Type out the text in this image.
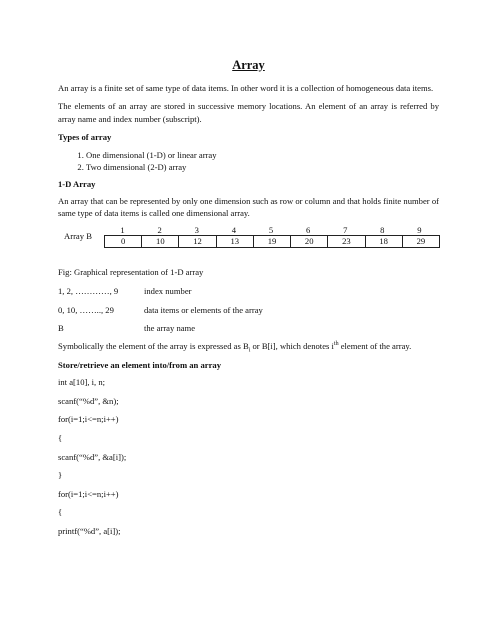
Array

An array is a finite set of same type of data items. In other word it is a collection of homogeneous data items.

The elements of an array are stored in successive memory locations. An element of an array is referred by array name and index number (subscript).

Types of array
1. One dimensional (1-D) or linear array
2. Two dimensional (2-D) array
1-D Array

An array that can be represented by only one dimension such as row or column and that holds finite number of same type of data items is called one dimensional array.

Array B
1	2	3	4	5	6	7	8	9
0	10	12	13	19	20	23	18	29
Fig: Graphical representation of 1-D array
1, 2, …………, 9	index number
0, 10, …….., 29	data items or elements of the array
B	the array name

Symbolically the element of the array is expressed as $B_i$ or B[i], which denotes $i^{th}$ element of the array.

Store/retrieve an element into/from an array

int a[10], i, n;

scanf(“%d”, &n);

for(i=1;i<=n;i++)

{

scanf(“%d”, &a[i]);

}

for(i=1;i<=n;i++)

{

printf(“%d”, a[i]);
